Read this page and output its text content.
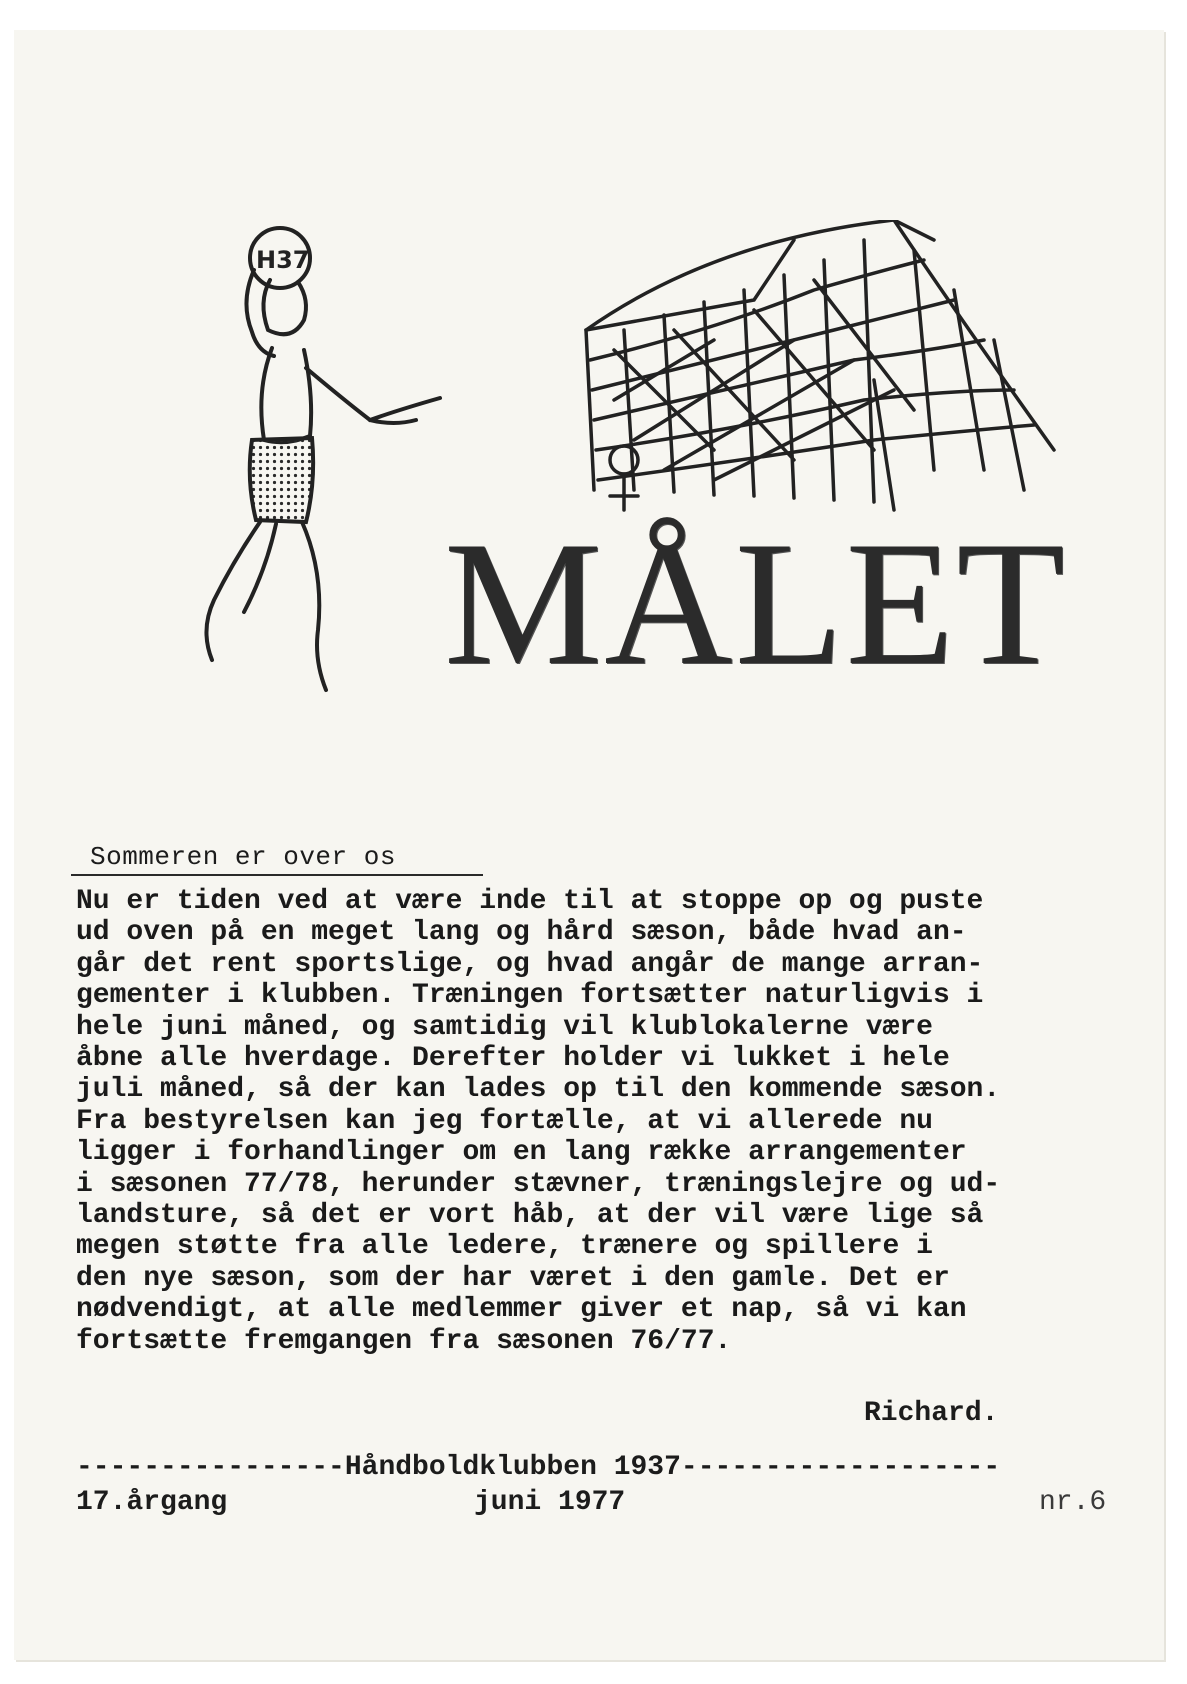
H37
MÅLET
Sommeren er over os
Nu er tiden ved at være inde til at stoppe op og puste
ud oven på en meget lang og hård sæson, både hvad an-
går det rent sportslige, og hvad angår de mange arran-
gementer i klubben. Træningen fortsætter naturligvis i
hele juni måned, og samtidig vil klublokalerne være
åbne alle hverdage. Derefter holder vi lukket i hele
juli måned, så der kan lades op til den kommende sæson.
Fra bestyrelsen kan jeg fortælle, at vi allerede nu
ligger i forhandlinger om en lang række arrangementer
i sæsonen 77/78, herunder stævner, træningslejre og ud-
landsture, så det er vort håb, at der vil være lige så
megen støtte fra alle ledere, trænere og spillere i
den nye sæson, som der har været i den gamle. Det er
nødvendigt, at alle medlemmer giver et nap, så vi kan
fortsætte fremgangen fra sæsonen 76/77.
Richard.
----------------Håndboldklubben 1937-------------------
17.årgang	juni 1977	nr.6
